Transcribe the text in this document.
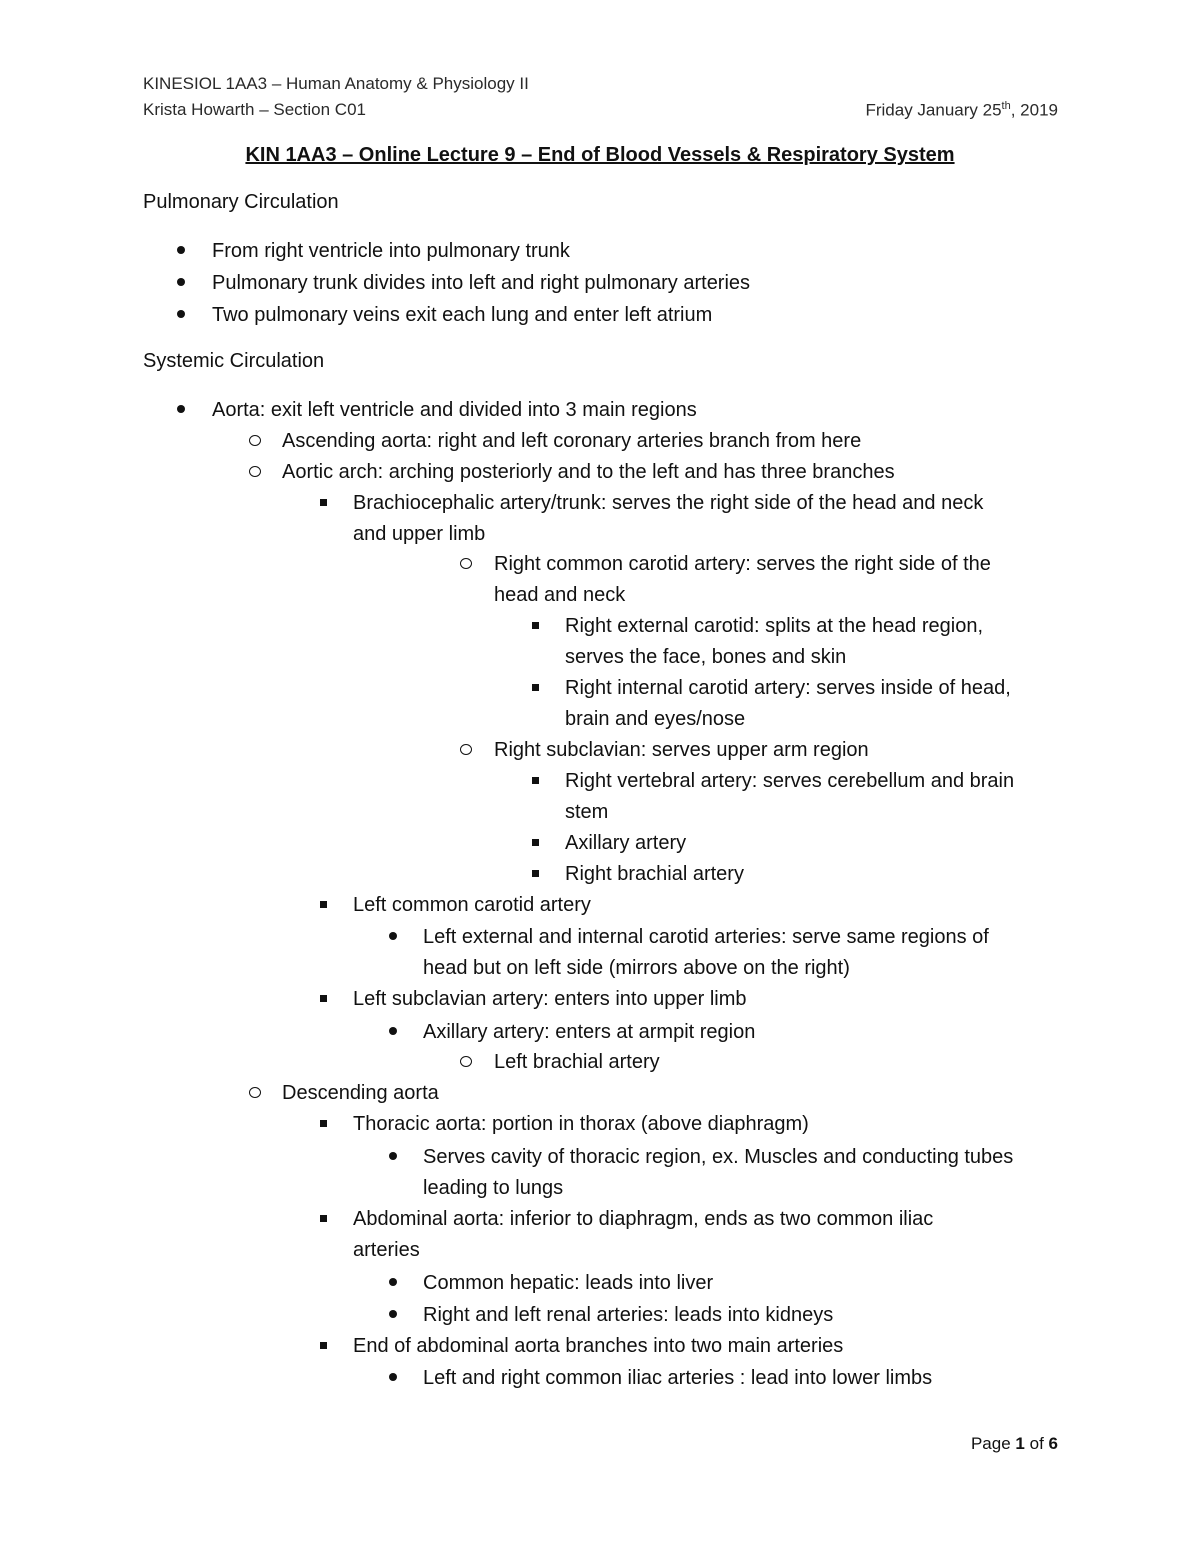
KINESIOL 1AA3 – Human Anatomy & Physiology II
Krista Howarth – Section C01	Friday January 25th, 2019
KIN 1AA3 – Online Lecture 9 – End of Blood Vessels & Respiratory System
Pulmonary Circulation
From right ventricle into pulmonary trunk
Pulmonary trunk divides into left and right pulmonary arteries
Two pulmonary veins exit each lung and enter left atrium
Systemic Circulation
Aorta: exit left ventricle and divided into 3 main regions
Ascending aorta: right and left coronary arteries branch from here
Aortic arch: arching posteriorly and to the left and has three branches
Brachiocephalic artery/trunk: serves the right side of the head and neck
and upper limb
Right common carotid artery: serves the right side of the
head and neck
Right external carotid: splits at the head region,
serves the face, bones and skin
Right internal carotid artery: serves inside of head,
brain and eyes/nose
Right subclavian: serves upper arm region
Right vertebral artery: serves cerebellum and brain
stem
Axillary artery
Right brachial artery
Left common carotid artery
Left external and internal carotid arteries: serve same regions of
head but on left side (mirrors above on the right)
Left subclavian artery: enters into upper limb
Axillary artery: enters at armpit region
Left brachial artery
Descending aorta
Thoracic aorta: portion in thorax (above diaphragm)
Serves cavity of thoracic region, ex. Muscles and conducting tubes
leading to lungs
Abdominal aorta: inferior to diaphragm, ends as two common iliac
arteries
Common hepatic: leads into liver
Right and left renal arteries: leads into kidneys
End of abdominal aorta branches into two main arteries
Left and right common iliac arteries : lead into lower limbs
Page 1 of 6
